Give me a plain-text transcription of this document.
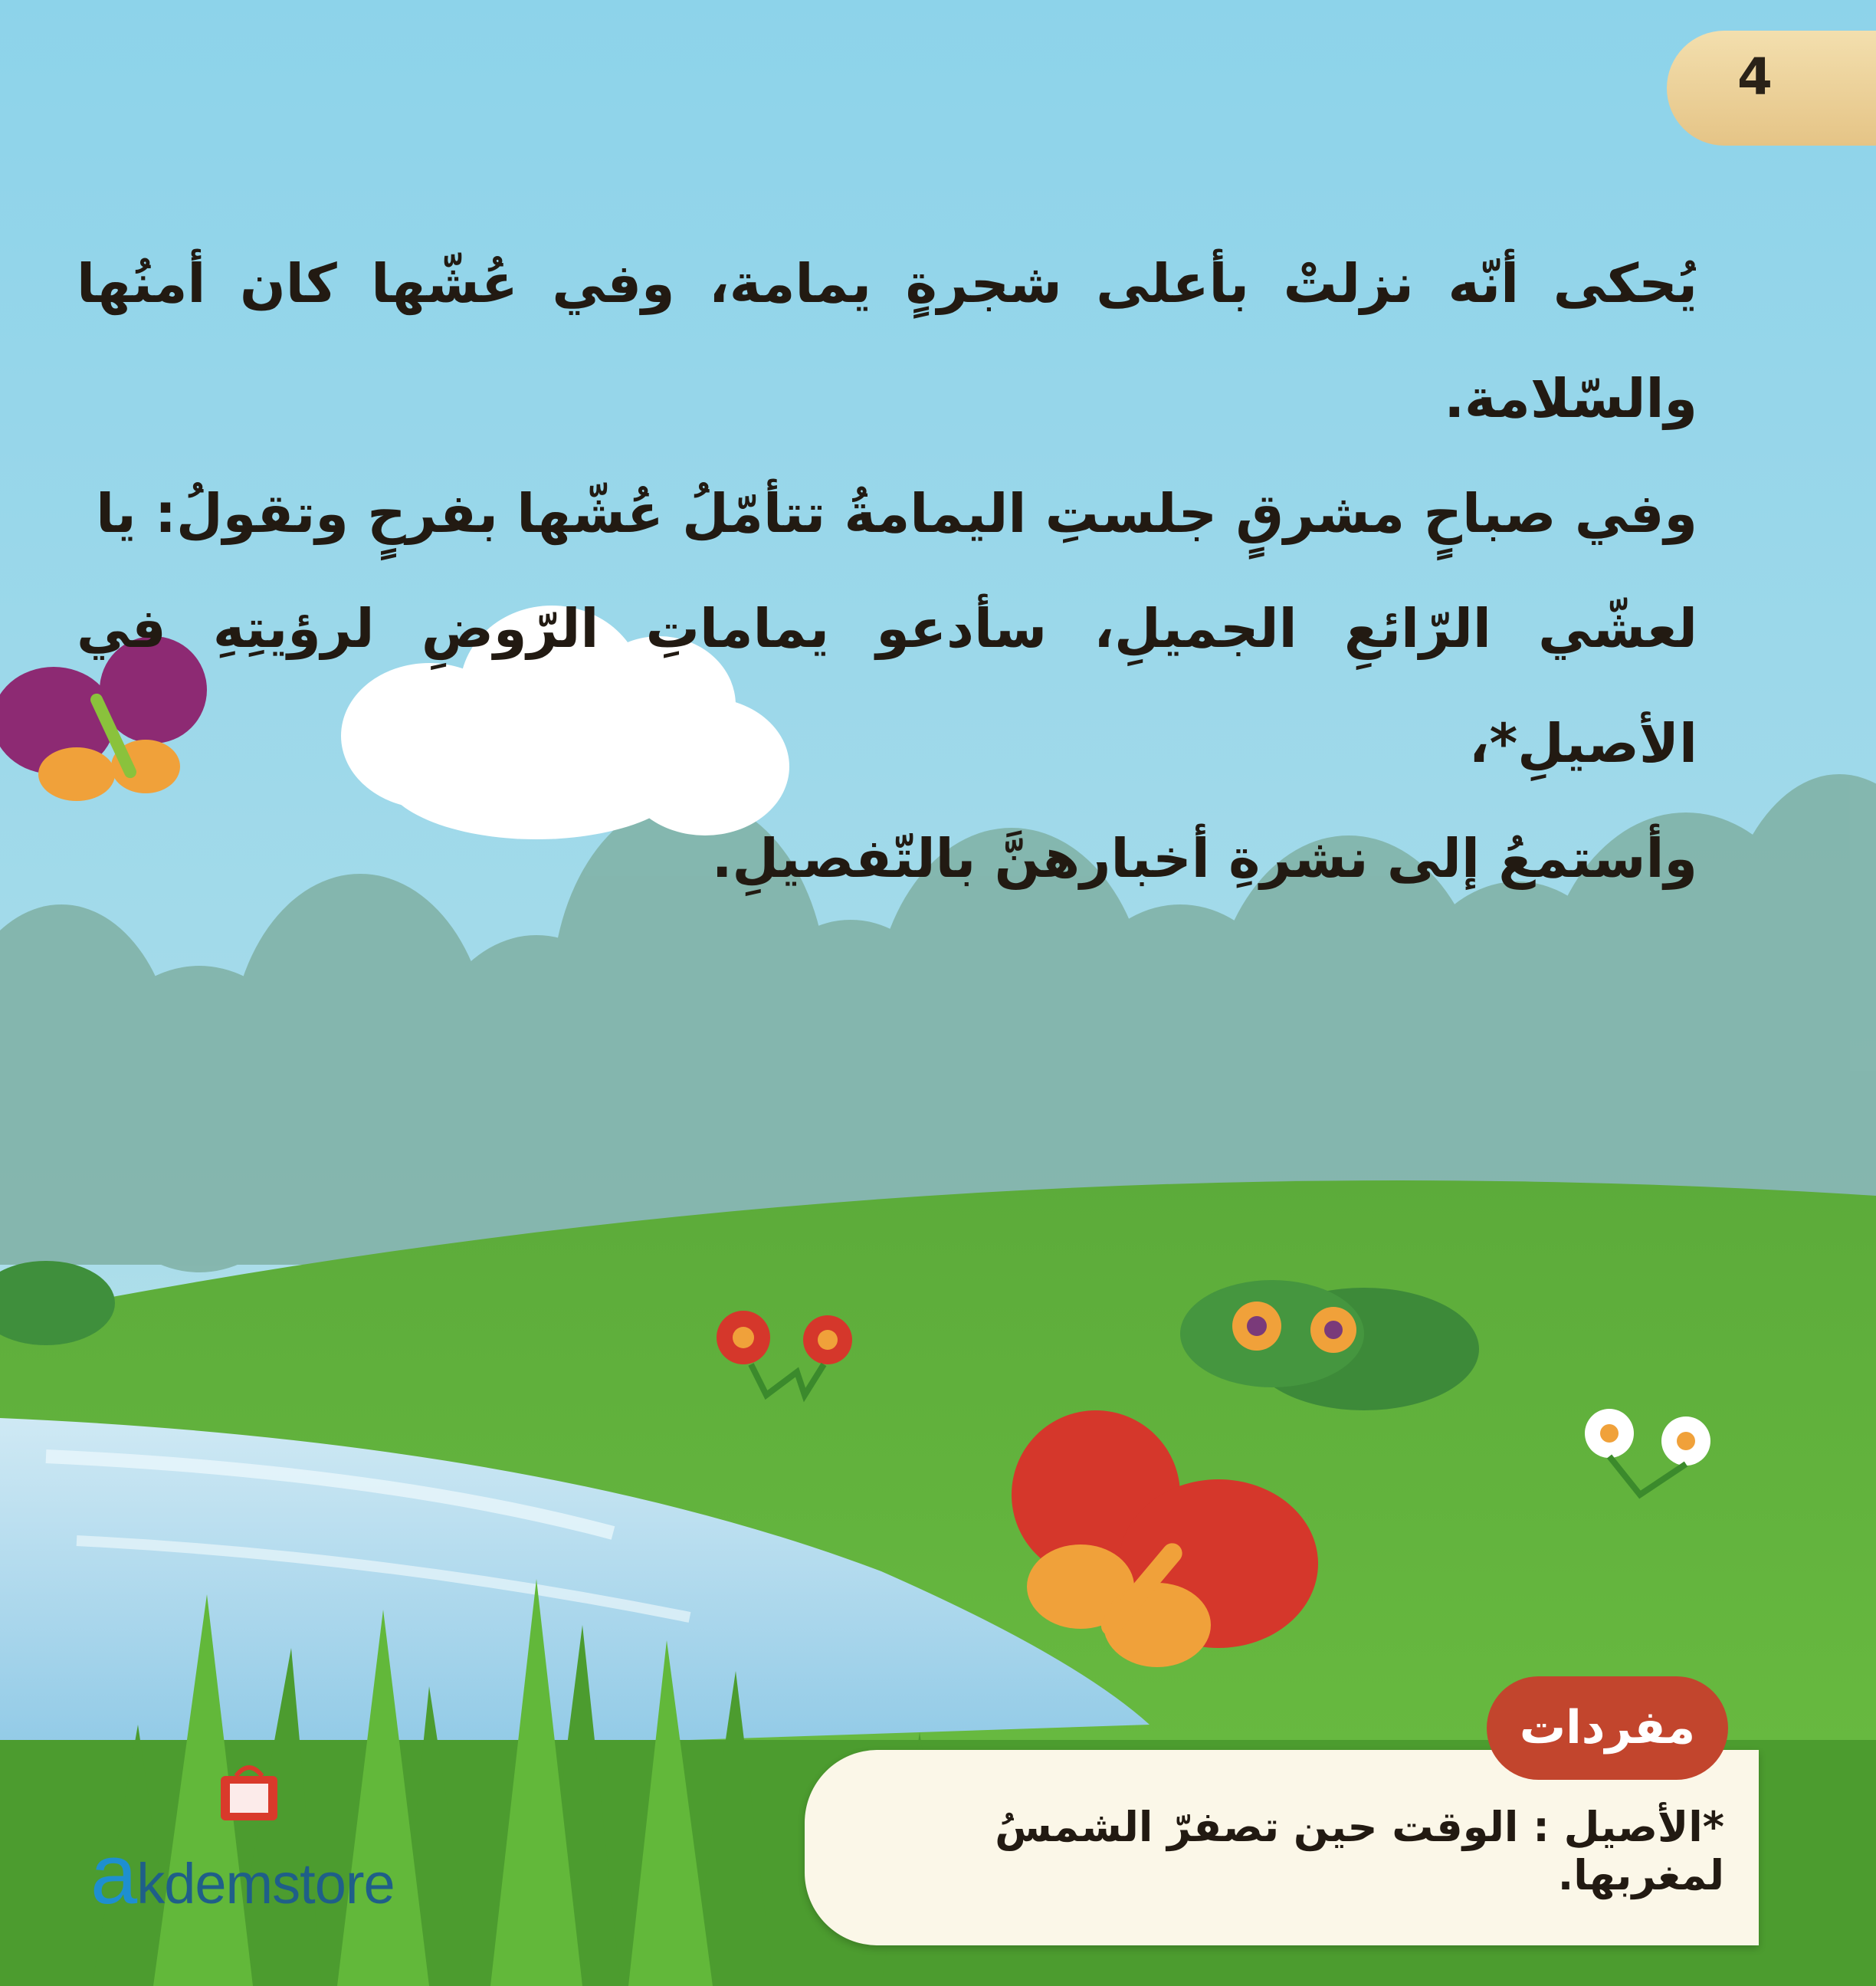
4
يُحكى أنّه نزلتْ بأعلى شجرةٍ يمامة، وفي عُشّها كان أمنُها والسّلامة.
وفي صباحٍ مشرقٍ جلستِ اليمامةُ تتأمّلُ عُشّها بفرحٍ وتقولُ: يا
لعشّي الرّائعِ الجميلِ، سأدعو يماماتِ الرّوضِ لرؤيتِهِ في الأصيلِ*،
وأستمعُ إلى نشرةِ أخبارهنَّ بالتّفصيلِ.
مفردات
*الأصيل : الوقت حين تصفرّ الشمسُ لمغربها.
akdemstore
